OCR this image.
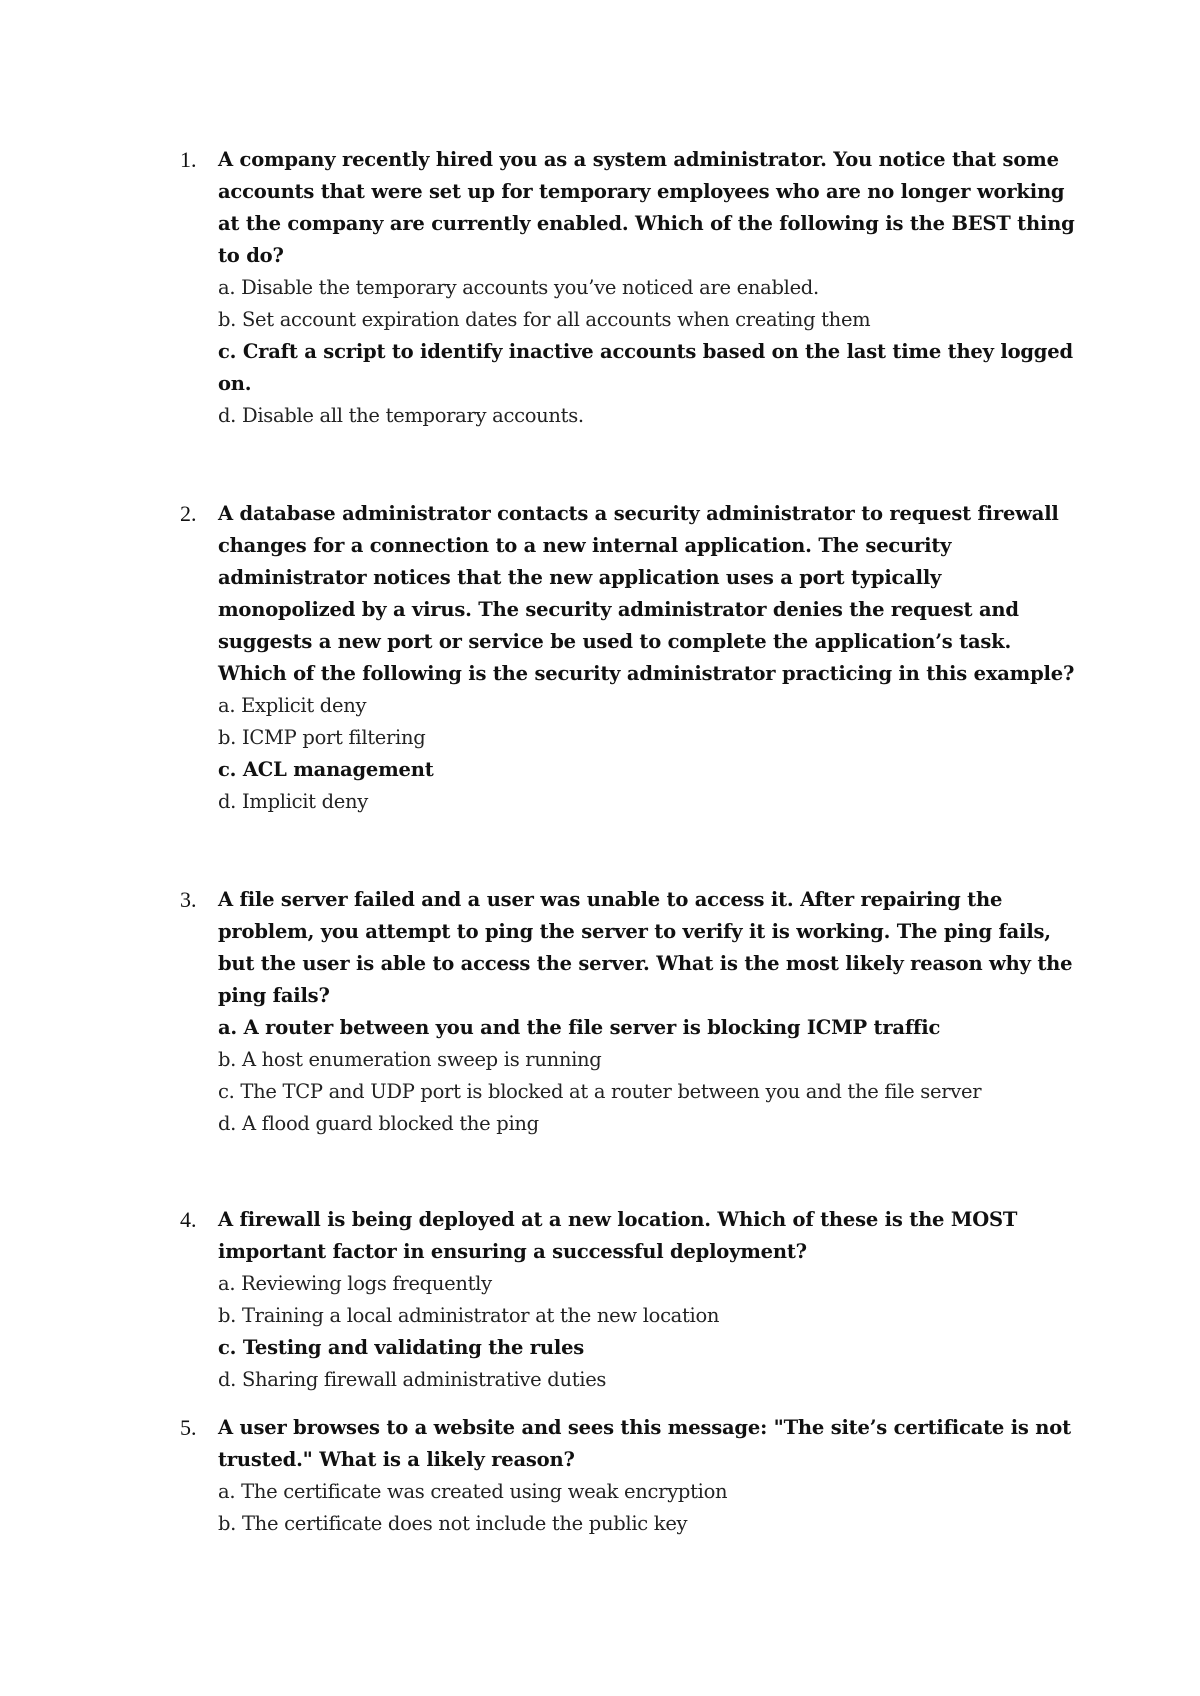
1.	A company recently hired you as a system administrator. You notice that some accounts that were set up for temporary employees who are no longer working at the company are currently enabled. Which of the following is the BEST thing to do?
a. Disable the temporary accounts you’ve noticed are enabled.
b. Set account expiration dates for all accounts when creating them
c. Craft a script to identify inactive accounts based on the last time they logged on.
d. Disable all the temporary accounts.
2.	A database administrator contacts a security administrator to request firewall changes for a connection to a new internal application. The security administrator notices that the new application uses a port typically monopolized by a virus. The security administrator denies the request and suggests a new port or service be used to complete the application’s task. Which of the following is the security administrator practicing in this example?
a. Explicit deny
b. ICMP port filtering
c. ACL management
d. Implicit deny
3.	A file server failed and a user was unable to access it. After repairing the problem, you attempt to ping the server to verify it is working. The ping fails, but the user is able to access the server. What is the most likely reason why the ping fails?
a. A router between you and the file server is blocking ICMP traffic
b. A host enumeration sweep is running
c. The TCP and UDP port is blocked at a router between you and the file server
d. A flood guard blocked the ping
4.	A firewall is being deployed at a new location. Which of these is the MOST important factor in ensuring a successful deployment?
a. Reviewing logs frequently
b. Training a local administrator at the new location
c. Testing and validating the rules
d. Sharing firewall administrative duties
5.	A user browses to a website and sees this message: "The site’s certificate is not trusted." What is a likely reason?
a. The certificate was created using weak encryption
b. The certificate does not include the public key
